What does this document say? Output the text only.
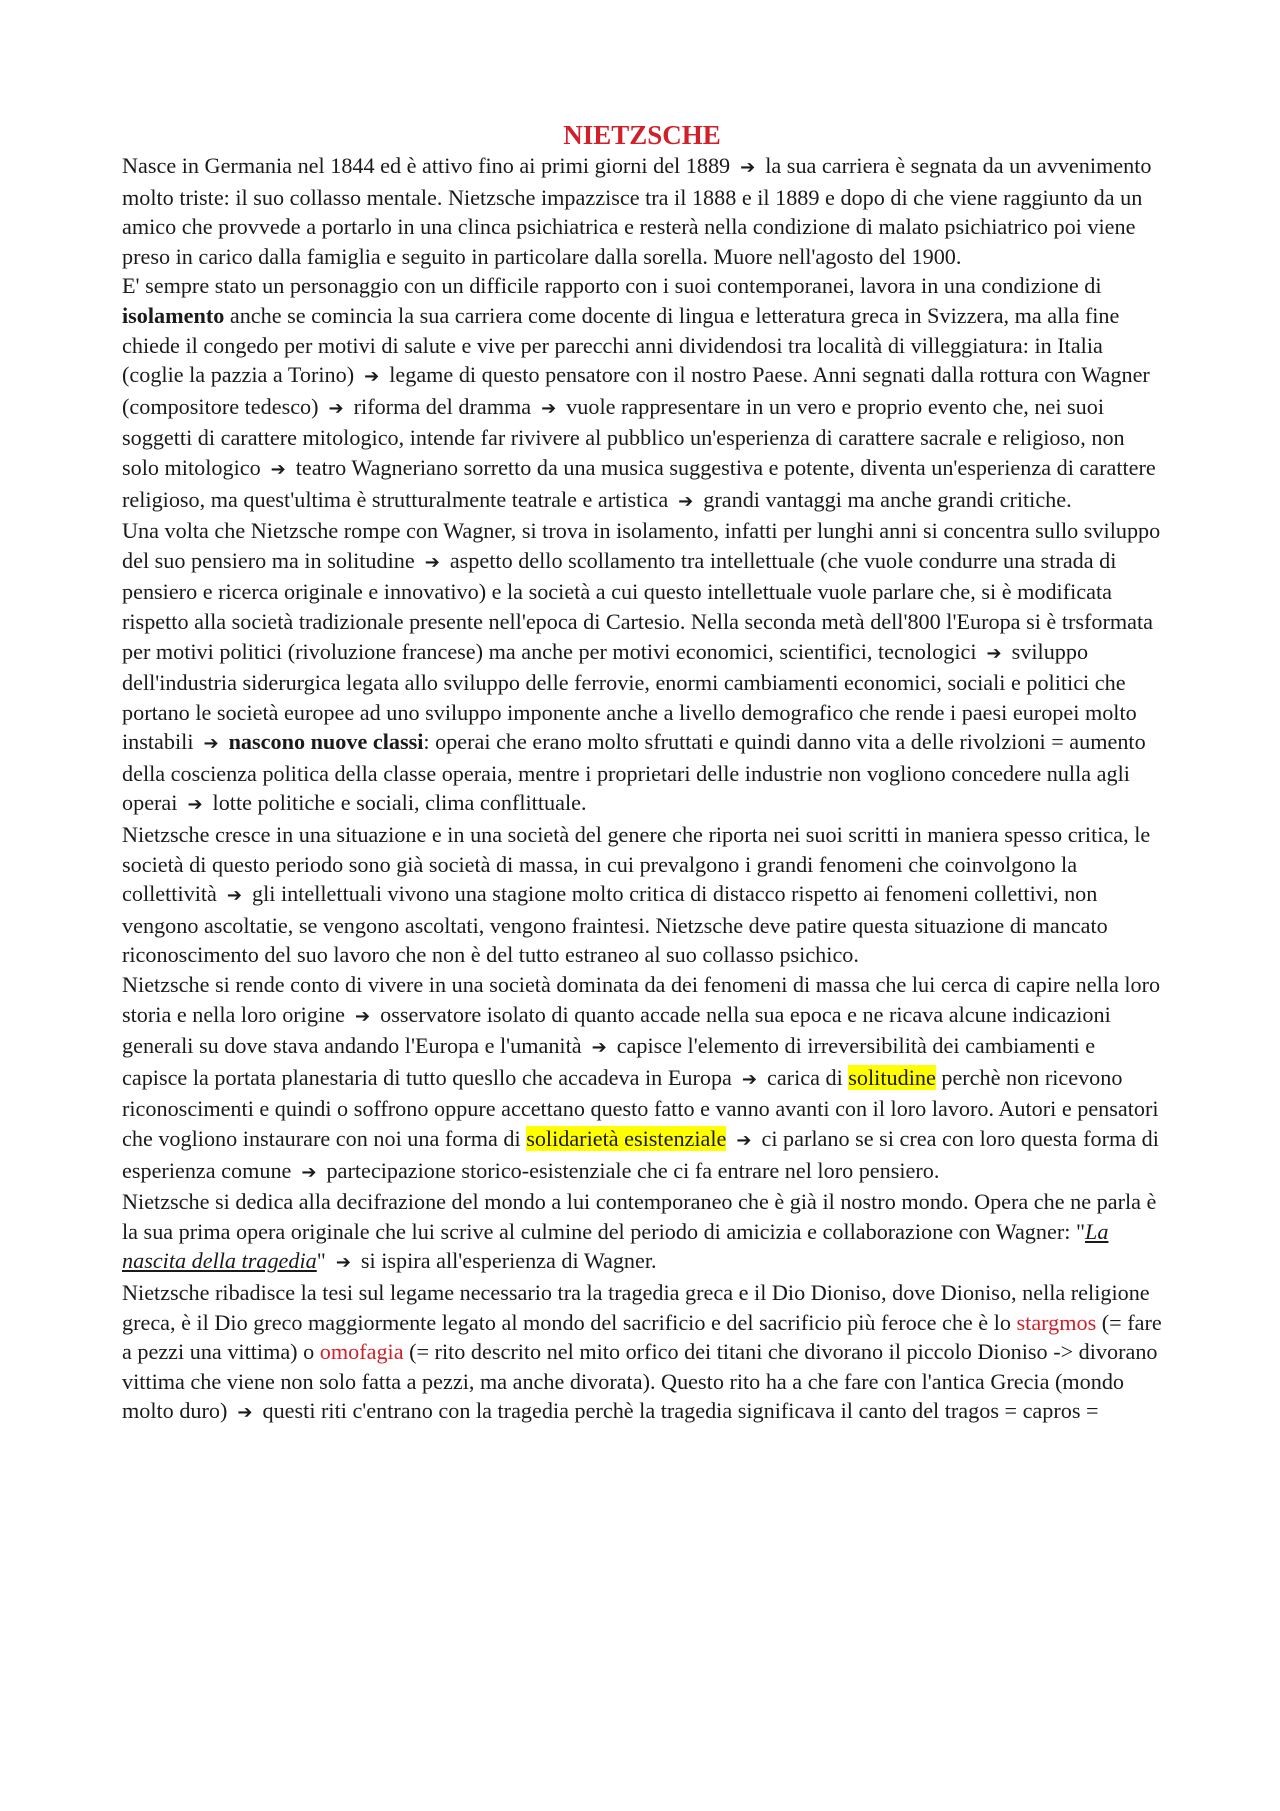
NIETZSCHE

Nasce in Germania nel 1844 ed è attivo fino ai primi giorni del 1889 ➔ la sua carriera è segnata da un avvenimento molto triste: il suo collasso mentale. Nietzsche impazzisce tra il 1888 e il 1889 e dopo di che viene raggiunto da un amico che provvede a portarlo in una clinca psichiatrica e resterà nella condizione di malato psichiatrico poi viene preso in carico dalla famiglia e seguito in particolare dalla sorella. Muore nell'agosto del 1900.

E' sempre stato un personaggio con un difficile rapporto con i suoi contemporanei, lavora in una condizione di isolamento anche se comincia la sua carriera come docente di lingua e letteratura greca in Svizzera, ma alla fine chiede il congedo per motivi di salute e vive per parecchi anni dividendosi tra località di villeggiatura: in Italia (coglie la pazzia a Torino) ➔ legame di questo pensatore con il nostro Paese. Anni segnati dalla rottura con Wagner (compositore tedesco) ➔ riforma del dramma ➔ vuole rappresentare in un vero e proprio evento che, nei suoi soggetti di carattere mitologico, intende far rivivere al pubblico un'esperienza di carattere sacrale e religioso, non solo mitologico ➔ teatro Wagneriano sorretto da una musica suggestiva e potente, diventa un'esperienza di carattere religioso, ma quest'ultima è strutturalmente teatrale e artistica ➔ grandi vantaggi ma anche grandi critiche.

Una volta che Nietzsche rompe con Wagner, si trova in isolamento, infatti per lunghi anni si concentra sullo sviluppo del suo pensiero ma in solitudine ➔ aspetto dello scollamento tra intellettuale (che vuole condurre una strada di pensiero e ricerca originale e innovativo) e la società a cui questo intellettuale vuole parlare che, si è modificata rispetto alla società tradizionale presente nell'epoca di Cartesio. Nella seconda metà dell'800 l'Europa si è trsformata per motivi politici (rivoluzione francese) ma anche per motivi economici, scientifici, tecnologici ➔ sviluppo dell'industria siderurgica legata allo sviluppo delle ferrovie, enormi cambiamenti economici, sociali e politici che portano le società europee ad uno sviluppo imponente anche a livello demografico che rende i paesi europei molto instabili ➔ nascono nuove classi: operai che erano molto sfruttati e quindi danno vita a delle rivolzioni = aumento della coscienza politica della classe operaia, mentre i proprietari delle industrie non vogliono concedere nulla agli operai ➔ lotte politiche e sociali, clima conflittuale.

Nietzsche cresce in una situazione e in una società del genere che riporta nei suoi scritti in maniera spesso critica, le società di questo periodo sono già società di massa, in cui prevalgono i grandi fenomeni che coinvolgono la collettività ➔ gli intellettuali vivono una stagione molto critica di distacco rispetto ai fenomeni collettivi, non vengono ascoltatie, se vengono ascoltati, vengono fraintesi. Nietzsche deve patire questa situazione di mancato riconoscimento del suo lavoro che non è del tutto estraneo al suo collasso psichico.

Nietzsche si rende conto di vivere in una società dominata da dei fenomeni di massa che lui cerca di capire nella loro storia e nella loro origine ➔ osservatore isolato di quanto accade nella sua epoca e ne ricava alcune indicazioni generali su dove stava andando l'Europa e l'umanità ➔ capisce l'elemento di irreversibilità dei cambiamenti e capisce la portata planestaria di tutto quesllo che accadeva in Europa ➔ carica di solitudine perchè non ricevono riconoscimenti e quindi o soffrono oppure accettano questo fatto e vanno avanti con il loro lavoro. Autori e pensatori che vogliono instaurare con noi una forma di solidarietà esistenziale ➔ ci parlano se si crea con loro questa forma di esperienza comune ➔ partecipazione storico-esistenziale che ci fa entrare nel loro pensiero.

Nietzsche si dedica alla decifrazione del mondo a lui contemporaneo che è già il nostro mondo. Opera che ne parla è la sua prima opera originale che lui scrive al culmine del periodo di amicizia e collaborazione con Wagner: "La nascita della tragedia" ➔ si ispira all'esperienza di Wagner.

Nietzsche ribadisce la tesi sul legame necessario tra la tragedia greca e il Dio Dioniso, dove Dioniso, nella religione greca, è il Dio greco maggiormente legato al mondo del sacrificio e del sacrificio più feroce che è lo stargmos (= fare a pezzi una vittima) o omofagia (= rito descrito nel mito orfico dei titani che divorano il piccolo Dioniso -> divorano vittima che viene non solo fatta a pezzi, ma anche divorata). Questo rito ha a che fare con l'antica Grecia (mondo molto duro) ➔ questi riti c'entrano con la tragedia perchè la tragedia significava il canto del tragos = capros =
